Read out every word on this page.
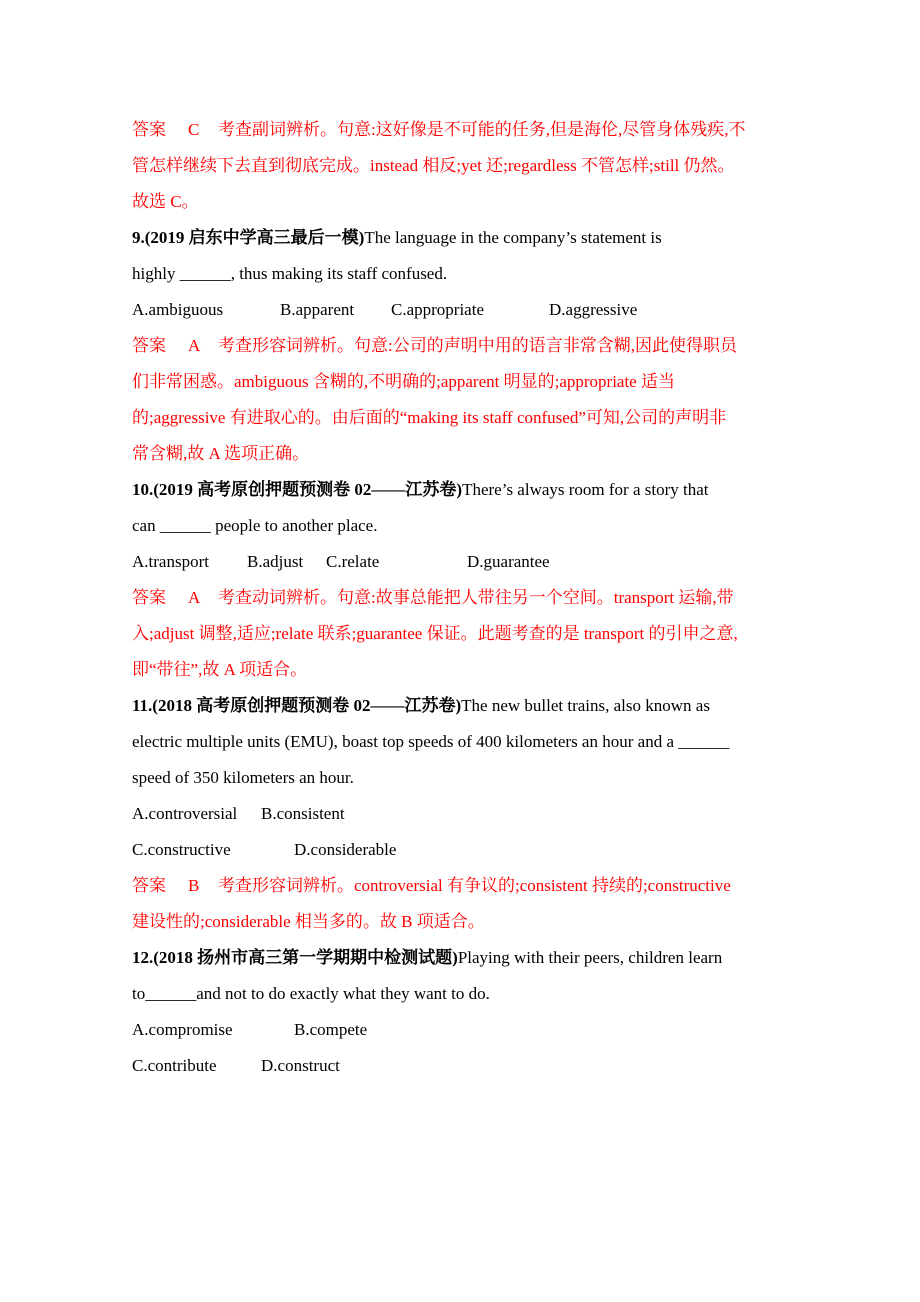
答案 C 考查副词辨析。句意:这好像是不可能的任务,但是海伦,尽管身体残疾,不
管怎样继续下去直到彻底完成。instead 相反;yet 还;regardless 不管怎样;still 仍然。
故选 C。
9.(2019 启东中学高三最后一模)The language in the company’s statement is
highly ______, thus making its staff confused.
A.ambiguous	B.apparent C.appropriate	D.aggressive
答案 A 考查形容词辨析。句意:公司的声明中用的语言非常含糊,因此使得职员
们非常困惑。ambiguous 含糊的,不明确的;apparent 明显的;appropriate 适当
的;aggressive 有进取心的。由后面的“making its staff confused”可知,公司的声明非
常含糊,故 A 选项正确。
10.(2019 高考原创押题预测卷 02——江苏卷)There’s always room for a story that
can ______ people to another place.
A.transport B.adjust C.relate	D.guarantee
答案 A 考查动词辨析。句意:故事总能把人带往另一个空间。transport 运输,带
入;adjust 调整,适应;relate 联系;guarantee 保证。此题考查的是 transport 的引申之意,
即“带往”,故 A 项适合。
11.(2018 高考原创押题预测卷 02——江苏卷)The new bullet trains, also known as
electric multiple units (EMU), boast top speeds of 400 kilometers an hour and a ______
speed of 350 kilometers an hour.
A.controversial B.consistent
C.constructive	D.considerable
答案 B 考查形容词辨析。controversial 有争议的;consistent 持续的;constructive
建设性的;considerable 相当多的。故 B 项适合。
12.(2018 扬州市高三第一学期期中检测试题)Playing with their peers, children learn
to______and not to do exactly what they want to do.
A.compromise	B.compete
C.contribute	D.construct
